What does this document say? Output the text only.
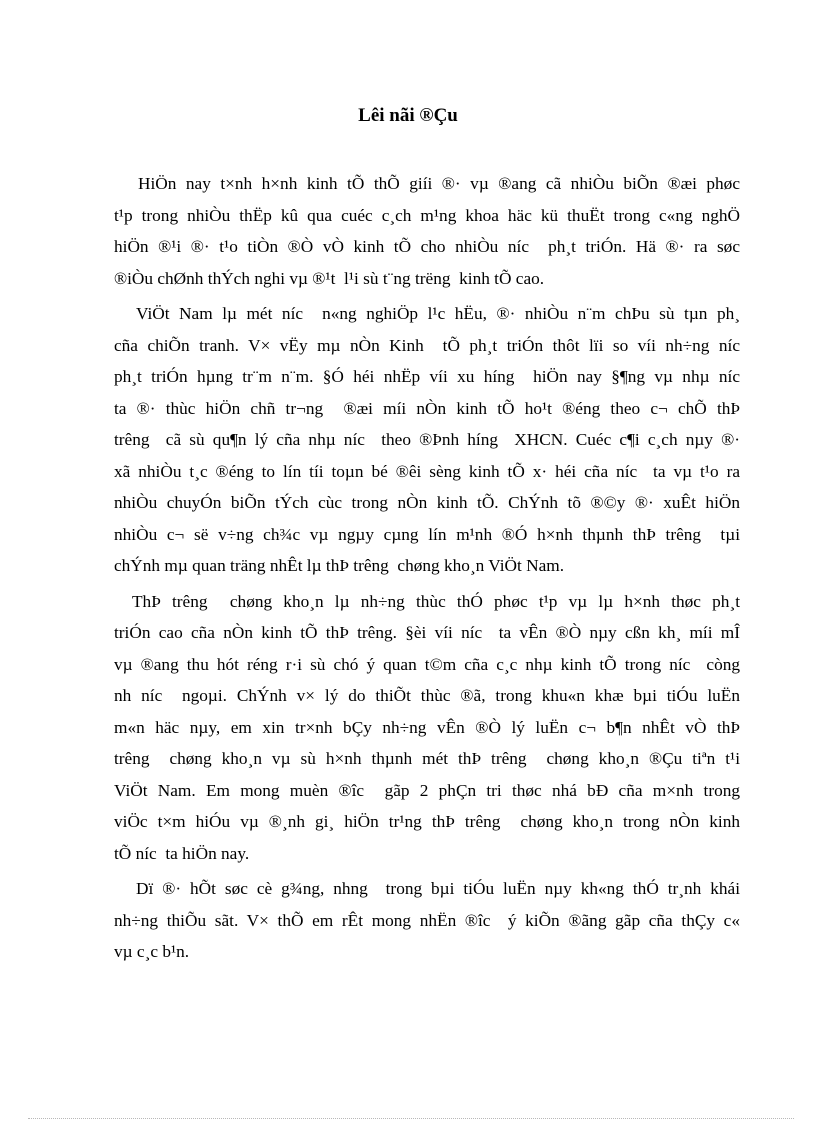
Lêi nãi ®Çu
HiÖn nay t×nh h×nh kinh tÕ thÕ giíi ®· vµ ®ang cã nhiÒu biÕn ®æi phøc
t¹p trong nhiÒu thËp kû qua cuéc c¸ch m¹ng khoa häc kü thuËt trong c«ng nghÖ
hiÖn ®¹i ®· t¹o tiÒn ®Ò vÒ kinh tÕ cho nhiÒu níc  ph¸t triÓn. Hä ®· ra søc
®iÒu chØnh thÝch nghi vµ ®¹t  l¹i sù t¨ng trëng  kinh tÕ cao.
ViÖt Nam lµ mét níc  n«ng nghiÖp l¹c hËu, ®· nhiÒu n¨m chÞu sù tµn ph¸
cña chiÕn tranh. V× vËy mµ nÒn Kinh  tÕ ph¸t triÓn thôt lïi so víi nh÷ng níc
ph¸t triÓn hµng tr¨m n¨m. §Ó héi nhËp víi xu híng  hiÖn nay §¶ng vµ nhµ níc
ta ®· thùc hiÖn chñ tr¬ng  ®æi míi nÒn kinh tÕ ho¹t ®éng theo c¬ chÕ thÞ
trêng  cã sù qu¶n lý cña nhµ níc  theo ®Þnh híng  XHCN. Cuéc c¶i c¸ch nµy ®·
xã nhiÒu t¸c ®éng to lín tíi toµn bé ®êi sèng kinh tÕ x· héi cña níc  ta vµ t¹o ra
nhiÒu chuyÓn biÕn tÝch cùc trong nÒn kinh tÕ. ChÝnh tõ ®©y ®· xuÊt hiÖn
nhiÒu c¬ së v÷ng ch¾c vµ ngµy cµng lín m¹nh ®Ó h×nh thµnh thÞ trêng  tµi
chÝnh mµ quan träng nhÊt lµ thÞ trêng  chøng kho¸n ViÖt Nam.
ThÞ trêng  chøng kho¸n lµ nh÷ng thùc thÓ phøc t¹p vµ lµ h×nh thøc ph¸t
triÓn cao cña nÒn kinh tÕ thÞ trêng. §èi víi níc  ta vÊn ®Ò nµy cßn kh¸ míi mÎ
vµ ®ang thu hót réng r·i sù chó ý quan t©m cña c¸c nhµ kinh tÕ trong níc  còng
nh níc  ngoµi. ChÝnh v× lý do thiÕt thùc ®ã, trong khu«n khæ bµi tiÓu luËn
m«n häc nµy, em xin tr×nh bÇy nh÷ng vÊn ®Ò lý luËn c¬ b¶n nhÊt vÒ thÞ
trêng  chøng kho¸n vµ sù h×nh thµnh mét thÞ trêng  chøng kho¸n ®Çu tiªn t¹i
ViÖt Nam. Em mong muèn ®îc  gãp 2 phÇn tri thøc nhá bÐ cña m×nh trong
viÖc t×m hiÓu vµ ®¸nh gi¸ hiÖn tr¹ng thÞ trêng  chøng kho¸n trong nÒn kinh
tÕ níc  ta hiÖn nay.
Dï ®· hÕt søc cè g¾ng, nhng  trong bµi tiÓu luËn nµy kh«ng thÓ tr¸nh khái
nh÷ng thiÕu sãt. V× thÕ em rÊt mong nhËn ®îc  ý kiÕn ®ãng gãp cña thÇy c«
vµ c¸c b¹n.
